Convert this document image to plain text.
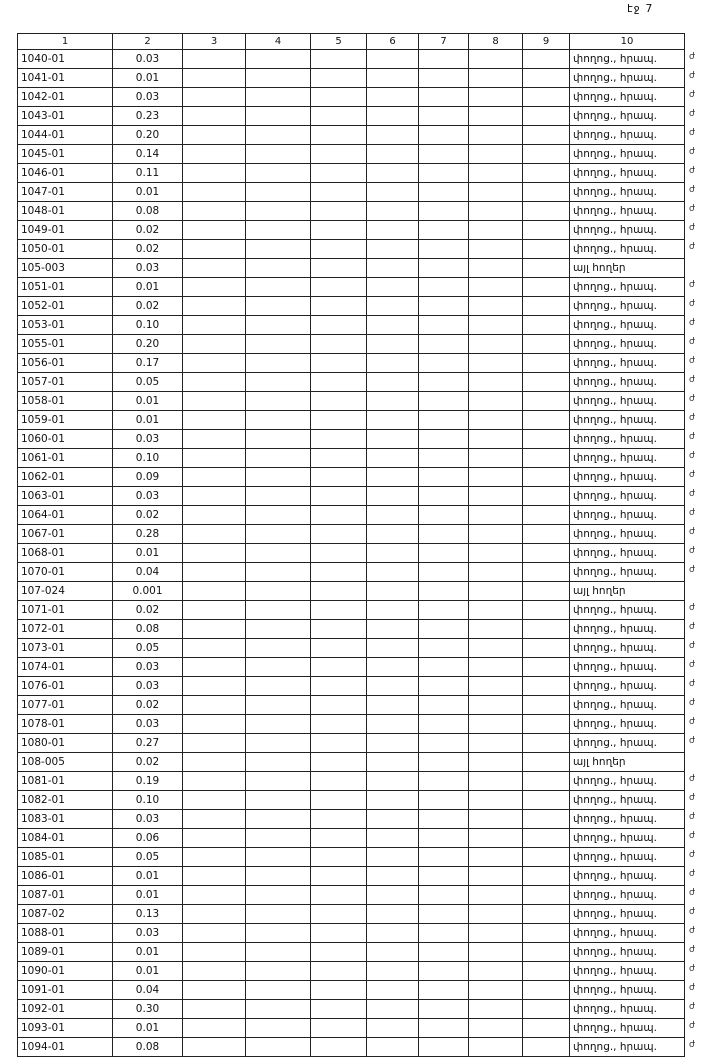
էջ 7
1	2	3	4	5	6	7	8	9	10
1040-01	0.03								փողոց., հրապ.
1041-01	0.01								փողոց., հրապ.
1042-01	0.03								փողոց., հրապ.
1043-01	0.23								փողոց., հրապ.
1044-01	0.20								փողոց., հրապ.
1045-01	0.14								փողոց., հրապ.
1046-01	0.11								փողոց., հրապ.
1047-01	0.01								փողոց., հրապ.
1048-01	0.08								փողոց., հրապ.
1049-01	0.02								փողոց., հրապ.
1050-01	0.02								փողոց., հրապ.
105-003	0.03								այլ հողեր
1051-01	0.01								փողոց., հրապ.
1052-01	0.02								փողոց., հրապ.
1053-01	0.10								փողոց., հրապ.
1055-01	0.20								փողոց., հրապ.
1056-01	0.17								փողոց., հրապ.
1057-01	0.05								փողոց., հրապ.
1058-01	0.01								փողոց., հրապ.
1059-01	0.01								փողոց., հրապ.
1060-01	0.03								փողոց., հրապ.
1061-01	0.10								փողոց., հրապ.
1062-01	0.09								փողոց., հրապ.
1063-01	0.03								փողոց., հրապ.
1064-01	0.02								փողոց., հրապ.
1067-01	0.28								փողոց., հրապ.
1068-01	0.01								փողոց., հրապ.
1070-01	0.04								փողոց., հրապ.
107-024	0.001								այլ հողեր
1071-01	0.02								փողոց., հրապ.
1072-01	0.08								փողոց., հրապ.
1073-01	0.05								փողոց., հրապ.
1074-01	0.03								փողոց., հրապ.
1076-01	0.03								փողոց., հրապ.
1077-01	0.02								փողոց., հրապ.
1078-01	0.03								փողոց., հրապ.
1080-01	0.27								փողոց., հրապ.
108-005	0.02								այլ հողեր
1081-01	0.19								փողոց., հրապ.
1082-01	0.10								փողոց., հրապ.
1083-01	0.03								փողոց., հրապ.
1084-01	0.06								փողոց., հրապ.
1085-01	0.05								փողոց., հրապ.
1086-01	0.01								փողոց., հրապ.
1087-01	0.01								փողոց., հրապ.
1087-02	0.13								փողոց., հրապ.
1088-01	0.03								փողոց., հրապ.
1089-01	0.01								փողոց., հրապ.
1090-01	0.01								փողոց., հրապ.
1091-01	0.04								փողոց., հրապ.
1092-01	0.30								փողոց., հրապ.
1093-01	0.01								փողոց., հրապ.
1094-01	0.08								փողոց., հրապ.
ժ
ժ
ժ
ժ
ժ
ժ
ժ
ժ
ժ
ժ
ժ
ժ
ժ
ժ
ժ
ժ
ժ
ժ
ժ
ժ
ժ
ժ
ժ
ժ
ժ
ժ
ժ
ժ
ժ
ժ
ժ
ժ
ժ
ժ
ժ
ժ
ժ
ժ
ժ
ժ
ժ
ժ
ժ
ժ
ժ
ժ
ժ
ժ
ժ
ժ
